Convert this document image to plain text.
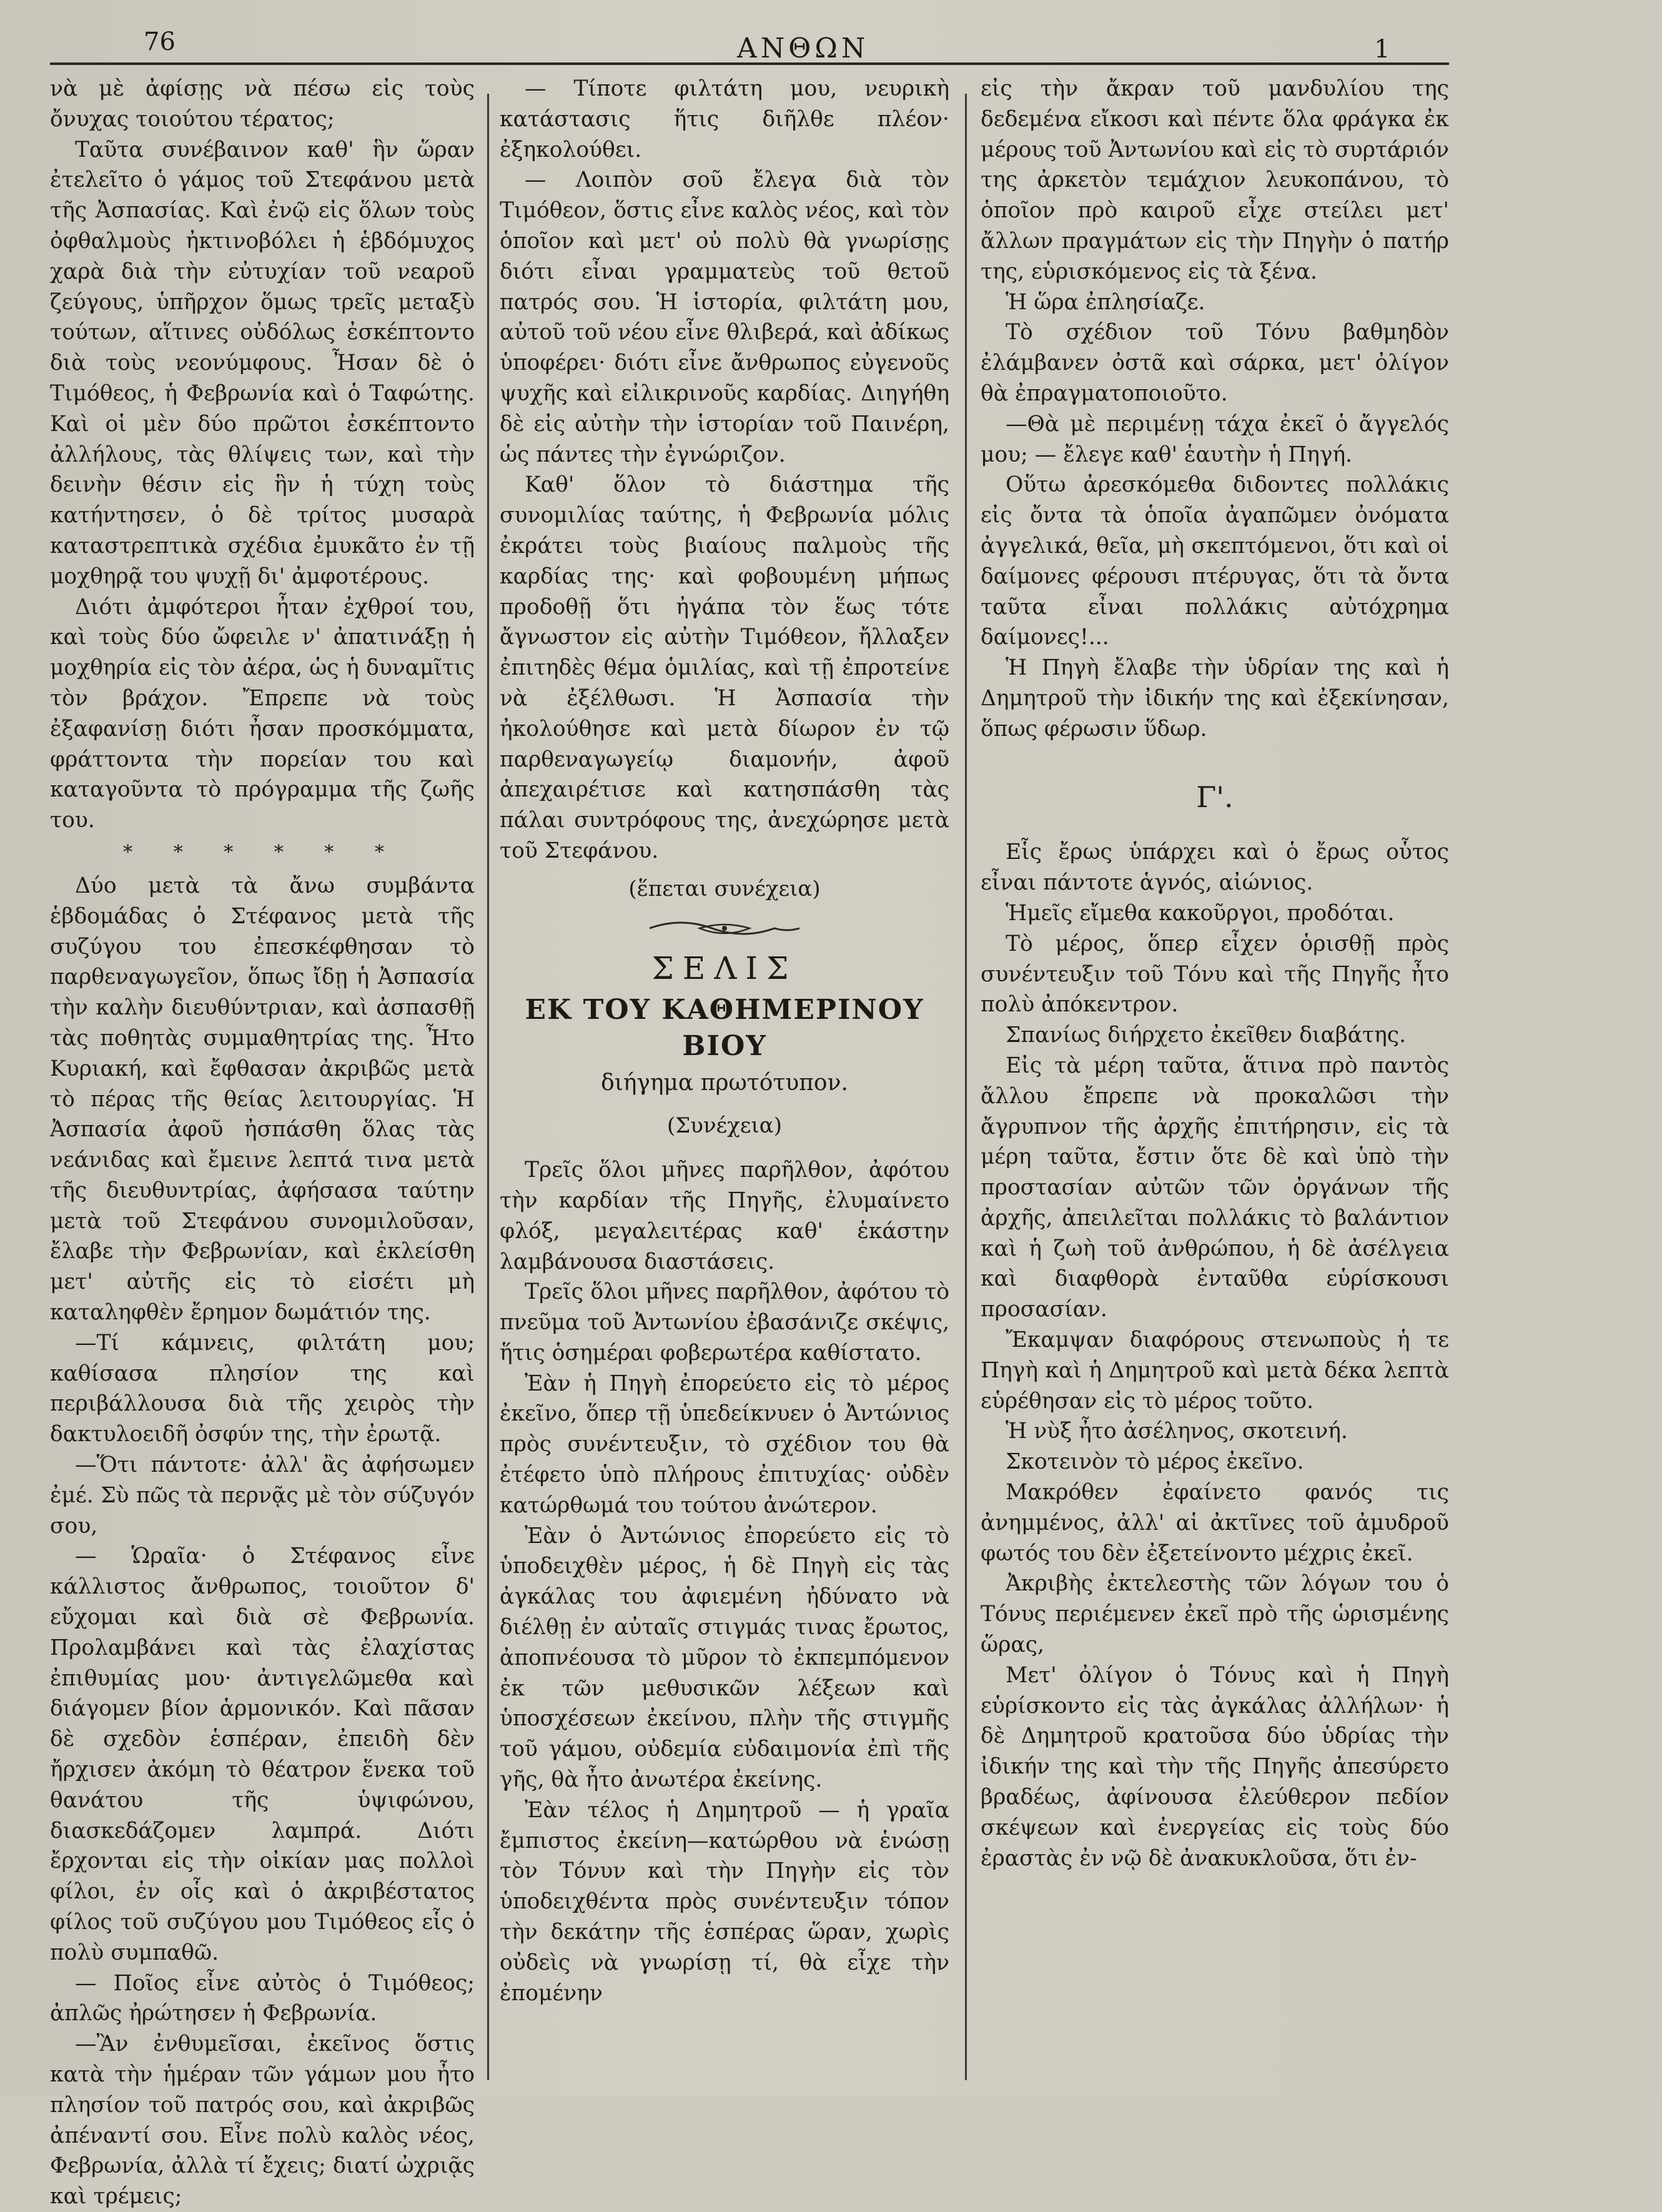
76	ΑΝΘΩΝ	1

νὰ μὲ ἀφίσῃς νὰ πέσω εἰς τοὺς ὄνυχας τοιούτου τέρατος;

Ταῦτα συνέβαινον καθ' ἣν ὥραν ἐτελεῖτο ὁ γάμος τοῦ Στεφάνου μετὰ τῆς Ἀσπασίας. Καὶ ἐνῷ εἰς ὅλων τοὺς ὀφθαλμοὺς ἠκτινοβόλει ἡ ἑβδόμυχος χαρὰ διὰ τὴν εὐτυχίαν τοῦ νεαροῦ ζεύγους, ὑπῆρχον ὅμως τρεῖς μεταξὺ τούτων, αἵτινες οὐδόλως ἐσκέπτοντο διὰ τοὺς νεονύμφους. Ἦσαν δὲ ὁ Τιμόθεος, ἡ Φεβρωνία καὶ ὁ Ταφώτης. Καὶ οἱ μὲν δύο πρῶτοι ἐσκέπτοντο ἀλλήλους, τὰς θλίψεις των, καὶ τὴν δεινὴν θέσιν εἰς ἣν ἡ τύχη τοὺς κατήντησεν, ὁ δὲ τρίτος μυσαρὰ καταστρεπτικὰ σχέδια ἐμυκᾶτο ἐν τῇ μοχθηρᾷ του ψυχῇ δι' ἀμφοτέρους.

Διότι ἀμφότεροι ἦταν ἐχθροί του, καὶ τοὺς δύο ὤφειλε ν' ἀπατινάξῃ ἡ μοχθηρία εἰς τὸν ἀέρα, ὡς ἡ δυναμῖτις τὸν βράχον. Ἔπρεπε νὰ τοὺς ἐξαφανίσῃ διότι ἦσαν προσκόμματα, φράττοντα τὴν πορείαν του καὶ καταγοῦντα τὸ πρόγραμμα τῆς ζωῆς του.

* * * * * *

Δύο μετὰ τὰ ἄνω συμβάντα ἑβδομάδας ὁ Στέφανος μετὰ τῆς συζύγου του ἐπεσκέφθησαν τὸ παρθεναγωγεῖον, ὅπως ἴδῃ ἡ Ἀσπασία τὴν καλὴν διευθύντριαν, καὶ ἀσπασθῇ τὰς ποθητὰς συμμαθητρίας της. Ἦτο Κυριακή, καὶ ἔφθασαν ἀκριβῶς μετὰ τὸ πέρας τῆς θείας λειτουργίας. Ἡ Ἀσπασία ἀφοῦ ἠσπάσθη ὅλας τὰς νεάνιδας καὶ ἔμεινε λεπτά τινα μετὰ τῆς διευθυντρίας, ἀφήσασα ταύτην μετὰ τοῦ Στεφάνου συνομιλοῦσαν, ἔλαβε τὴν Φεβρωνίαν, καὶ ἐκλείσθη μετ' αὐτῆς εἰς τὸ εἰσέτι μὴ καταληφθὲν ἔρημον δωμάτιόν της.

—Τί κάμνεις, φιλτάτη μου; καθίσασα πλησίον της καὶ περιβάλλουσα διὰ τῆς χειρὸς τὴν δακτυλοειδῆ ὀσφύν της, τὴν ἐρωτᾷ.

—Ὅτι πάντοτε· ἀλλ' ἂς ἀφήσωμεν ἐμέ. Σὺ πῶς τὰ περνᾷς μὲ τὸν σύζυγόν σου,

— Ὡραῖα· ὁ Στέφανος εἶνε κάλλιστος ἄνθρωπος, τοιοῦτον δ' εὔχομαι καὶ διὰ σὲ Φεβρωνία. Προλαμβάνει καὶ τὰς ἐλαχίστας ἐπιθυμίας μου· ἀντιγελῶμεθα καὶ διάγομεν βίον ἁρμονικόν. Καὶ πᾶσαν δὲ σχεδὸν ἑσπέραν, ἐπειδὴ δὲν ἤρχισεν ἀκόμη τὸ θέατρον ἕνεκα τοῦ θανάτου τῆς ὑψιφώνου, διασκεδάζομεν λαμπρά. Διότι ἔρχονται εἰς τὴν οἰκίαν μας πολλοὶ φίλοι, ἐν οἷς καὶ ὁ ἀκριβέστατος φίλος τοῦ συζύγου μου Τιμόθεος εἷς ὁ πολὺ συμπαθῶ.

— Ποῖος εἶνε αὐτὸς ὁ Τιμόθεος; ἀπλῶς ἠρώτησεν ἡ Φεβρωνία.

—Ἂν ἐνθυμεῖσαι, ἐκεῖνος ὅστις κατὰ τὴν ἡμέραν τῶν γάμων μου ἦτο πλησίον τοῦ πατρός σου, καὶ ἀκριβῶς ἀπέναντί σου. Εἶνε πολὺ καλὸς νέος, Φεβρωνία, ἀλλὰ τί ἔχεις; διατί ὠχριᾷς καὶ τρέμεις;

— Τίποτε φιλτάτη μου, νευρικὴ κατάστασις ἥτις διῆλθε πλέον· ἐξηκολούθει.

— Λοιπὸν σοῦ ἔλεγα διὰ τὸν Τιμόθεον, ὅστις εἶνε καλὸς νέος, καὶ τὸν ὁποῖον καὶ μετ' οὐ πολὺ θὰ γνωρίσῃς διότι εἶναι γραμματεὺς τοῦ θετοῦ πατρός σου. Ἡ ἱστορία, φιλτάτη μου, αὐτοῦ τοῦ νέου εἶνε θλιβερά, καὶ ἀδίκως ὑποφέρει· διότι εἶνε ἄνθρωπος εὐγενοῦς ψυχῆς καὶ εἰλικρινοῦς καρδίας. Διηγήθη δὲ εἰς αὐτὴν τὴν ἱστορίαν τοῦ Παινέρη, ὡς πάντες τὴν ἐγνώριζον.

Καθ' ὅλον τὸ διάστημα τῆς συνομιλίας ταύτης, ἡ Φεβρωνία μόλις ἐκράτει τοὺς βιαίους παλμοὺς τῆς καρδίας της· καὶ φοβουμένη μήπως προδοθῇ ὅτι ἠγάπα τὸν ἕως τότε ἄγνωστον εἰς αὐτὴν Τιμόθεον, ἤλλαξεν ἐπιτηδὲς θέμα ὁμιλίας, καὶ τῇ ἐπροτείνε νὰ ἐξέλθωσι. Ἡ Ἀσπασία τὴν ἠκολούθησε καὶ μετὰ δίωρον ἐν τῷ παρθεναγωγείῳ διαμονήν, ἀφοῦ ἀπεχαιρέτισε καὶ κατησπάσθη τὰς πάλαι συντρόφους της, ἀνεχώρησε μετὰ τοῦ Στεφάνου.

(ἕπεται συνέχεια)
ΣΕΛΙΣ
ΕΚ ΤΟΥ ΚΑΘΗΜΕΡΙΝΟΥ ΒΙΟΥ
διήγημα πρωτότυπον.
(Συνέχεια)

Τρεῖς ὅλοι μῆνες παρῆλθον, ἀφότου τὴν καρδίαν τῆς Πηγῆς, ἐλυμαίνετο φλόξ, μεγαλειτέρας καθ' ἑκάστην λαμβάνουσα διαστάσεις.

Τρεῖς ὅλοι μῆνες παρῆλθον, ἀφότου τὸ πνεῦμα τοῦ Ἀντωνίου ἐβασάνιζε σκέψις, ἥτις ὁσημέραι φοβερωτέρα καθίστατο.

Ἐὰν ἡ Πηγὴ ἐπορεύετο εἰς τὸ μέρος ἐκεῖνο, ὅπερ τῇ ὑπεδείκνυεν ὁ Ἀντώνιος πρὸς συνέντευξιν, τὸ σχέδιον του θὰ ἐτέφετο ὑπὸ πλήρους ἐπιτυχίας· οὐδὲν κατώρθωμά του τούτου ἀνώτερον.

Ἐὰν ὁ Ἀντώνιος ἐπορεύετο εἰς τὸ ὑποδειχθὲν μέρος, ἡ δὲ Πηγὴ εἰς τὰς ἀγκάλας του ἀφιεμένη ἠδύνατο νὰ διέλθῃ ἐν αὐταῖς στιγμάς τινας ἔρωτος, ἀποπνέουσα τὸ μῦρον τὸ ἐκπεμπόμενον ἐκ τῶν μεθυσικῶν λέξεων καὶ ὑποσχέσεων ἐκείνου, πλὴν τῆς στιγμῆς τοῦ γάμου, οὐδεμία εὐδαιμονία ἐπὶ τῆς γῆς, θὰ ἦτο ἀνωτέρα ἐκείνης.

Ἐὰν τέλος ἡ Δημητροῦ — ἡ γραῖα ἔμπιστος ἐκείνη—κατώρθου νὰ ἑνώσῃ τὸν Τόνυν καὶ τὴν Πηγὴν εἰς τὸν ὑποδειχθέντα πρὸς συνέντευξιν τόπον τὴν δεκάτην τῆς ἑσπέρας ὥραν, χωρὶς οὐδεὶς νὰ γνωρίσῃ τί, θὰ εἶχε τὴν ἐπομένην

εἰς τὴν ἄκραν τοῦ μανδυλίου της δεδεμένα εἴκοσι καὶ πέντε ὅλα φράγκα ἐκ μέρους τοῦ Ἀντωνίου καὶ εἰς τὸ συρτάριόν της ἀρκετὸν τεμάχιον λευκοπάνου, τὸ ὁποῖον πρὸ καιροῦ εἶχε στείλει μετ' ἄλλων πραγμάτων εἰς τὴν Πηγὴν ὁ πατήρ της, εὑρισκόμενος εἰς τὰ ξένα.

Ἡ ὥρα ἐπλησίαζε.

Τὸ σχέδιον τοῦ Τόνυ βαθμηδὸν ἐλάμβανεν ὀστᾶ καὶ σάρκα, μετ' ὀλίγον θὰ ἐπραγματοποιοῦτο.

—Θὰ μὲ περιμένῃ τάχα ἐκεῖ ὁ ἄγγελός μου; — ἔλεγε καθ' ἑαυτὴν ἡ Πηγή.

Οὕτω ἀρεσκόμεθα διδοντες πολλάκις εἰς ὄντα τὰ ὁποῖα ἀγαπῶμεν ὀνόματα ἀγγελικά, θεῖα, μὴ σκεπτόμενοι, ὅτι καὶ οἱ δαίμονες φέρουσι πτέρυγας, ὅτι τὰ ὄντα ταῦτα εἶναι πολλάκις αὐτόχρημα δαίμονες!...

Ἡ Πηγὴ ἔλαβε τὴν ὑδρίαν της καὶ ἡ Δημητροῦ τὴν ἰδικήν της καὶ ἐξεκίνησαν, ὅπως φέρωσιν ὕδωρ.

Γ'.

Εἷς ἔρως ὑπάρχει καὶ ὁ ἔρως οὗτος εἶναι πάντοτε ἁγνός, αἰώνιος.

Ἡμεῖς εἴμεθα κακοῦργοι, προδόται.

Τὸ μέρος, ὅπερ εἶχεν ὁρισθῇ πρὸς συνέντευξιν τοῦ Τόνυ καὶ τῆς Πηγῆς ἦτο πολὺ ἀπόκεντρον.

Σπανίως διήρχετο ἐκεῖθεν διαβάτης.

Εἰς τὰ μέρη ταῦτα, ἅτινα πρὸ παντὸς ἄλλου ἔπρεπε νὰ προκαλῶσι τὴν ἄγρυπνον τῆς ἀρχῆς ἐπιτήρησιν, εἰς τὰ μέρη ταῦτα, ἔστιν ὅτε δὲ καὶ ὑπὸ τὴν προστασίαν αὐτῶν τῶν ὀργάνων τῆς ἀρχῆς, ἀπειλεῖται πολλάκις τὸ βαλάντιον καὶ ἡ ζωὴ τοῦ ἀνθρώπου, ἡ δὲ ἀσέλγεια καὶ διαφθορὰ ἐνταῦθα εὑρίσκουσι προσασίαν.

Ἔκαμψαν διαφόρους στενωποὺς ἡ τε Πηγὴ καὶ ἡ Δημητροῦ καὶ μετὰ δέκα λεπτὰ εὑρέθησαν εἰς τὸ μέρος τοῦτο.

Ἡ νὺξ ἦτο ἀσέληνος, σκοτεινή.

Σκοτεινὸν τὸ μέρος ἐκεῖνο.

Μακρόθεν ἐφαίνετο φανός τις ἀνημμένος, ἀλλ' αἱ ἀκτῖνες τοῦ ἀμυδροῦ φωτός του δὲν ἐξετείνοντο μέχρις ἐκεῖ.

Ἀκριβὴς ἐκτελεστὴς τῶν λόγων του ὁ Τόνυς περιέμενεν ἐκεῖ πρὸ τῆς ὡρισμένης ὥρας,

Μετ' ὀλίγον ὁ Τόνυς καὶ ἡ Πηγὴ εὑρίσκοντο εἰς τὰς ἀγκάλας ἀλλήλων· ἡ δὲ Δημητροῦ κρατοῦσα δύο ὑδρίας τὴν ἰδικήν της καὶ τὴν τῆς Πηγῆς ἀπεσύρετο βραδέως, ἀφίνουσα ἐλεύθερον πεδίον σκέψεων καὶ ἐνεργείας εἰς τοὺς δύο ἐραστὰς ἐν νῷ δὲ ἀνακυκλοῦσα, ὅτι ἐν-
